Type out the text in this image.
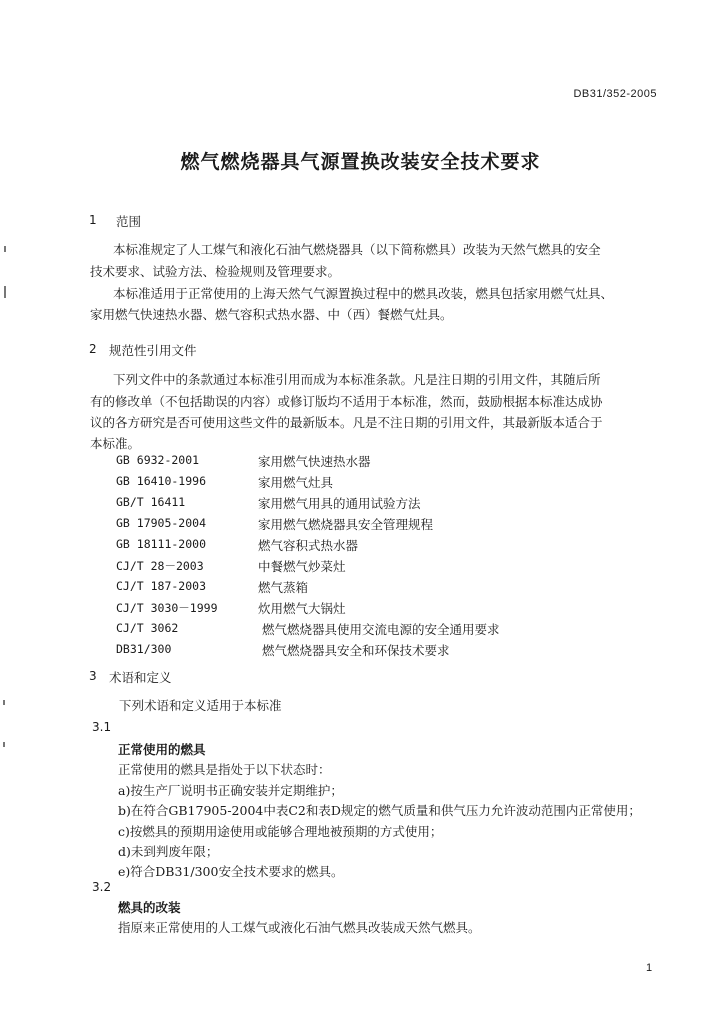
DB31/352-2005
燃气燃烧器具气源置换改装安全技术要求
1 范围
本标准规定了人工煤气和液化石油气燃烧器具（以下简称燃具）改装为天然气燃具的安全
技术要求、试验方法、检验规则及管理要求。
本标准适用于正常使用的上海天然气气源置换过程中的燃具改装，燃具包括家用燃气灶具、
家用燃气快速热水器、燃气容积式热水器、中（西）餐燃气灶具。
2 规范性引用文件
下列文件中的条款通过本标准引用而成为本标准条款。凡是注日期的引用文件，其随后所
有的修改单（不包括勘误的内容）或修订版均不适用于本标准，然而，鼓励根据本标准达成协
议的各方研究是否可使用这些文件的最新版本。凡是不注日期的引用文件，其最新版本适合于
本标准。
GB 6932-2001	家用燃气快速热水器
GB 16410-1996	家用燃气灶具
GB/T 16411	家用燃气用具的通用试验方法
GB 17905-2004	家用燃气燃烧器具安全管理规程
GB 18111-2000	燃气容积式热水器
CJ/T 28－2003	中餐燃气炒菜灶
CJ/T 187-2003	燃气蒸箱
CJ/T 3030－1999	炊用燃气大锅灶
CJ/T 3062	燃气燃烧器具使用交流电源的安全通用要求
DB31/300	燃气燃烧器具安全和环保技术要求
3 术语和定义
下列术语和定义适用于本标准
3.1
正常使用的燃具
正常使用的燃具是指处于以下状态时：
a)按生产厂说明书正确安装并定期维护；
b)在符合GB17905-2004中表C2和表D规定的燃气质量和供气压力允许波动范围内正常使用；
c)按燃具的预期用途使用或能够合理地被预期的方式使用；
d)未到判废年限；
e)符合DB31/300安全技术要求的燃具。
3.2
燃具的改装
指原来正常使用的人工煤气或液化石油气燃具改装成天然气燃具。
1
